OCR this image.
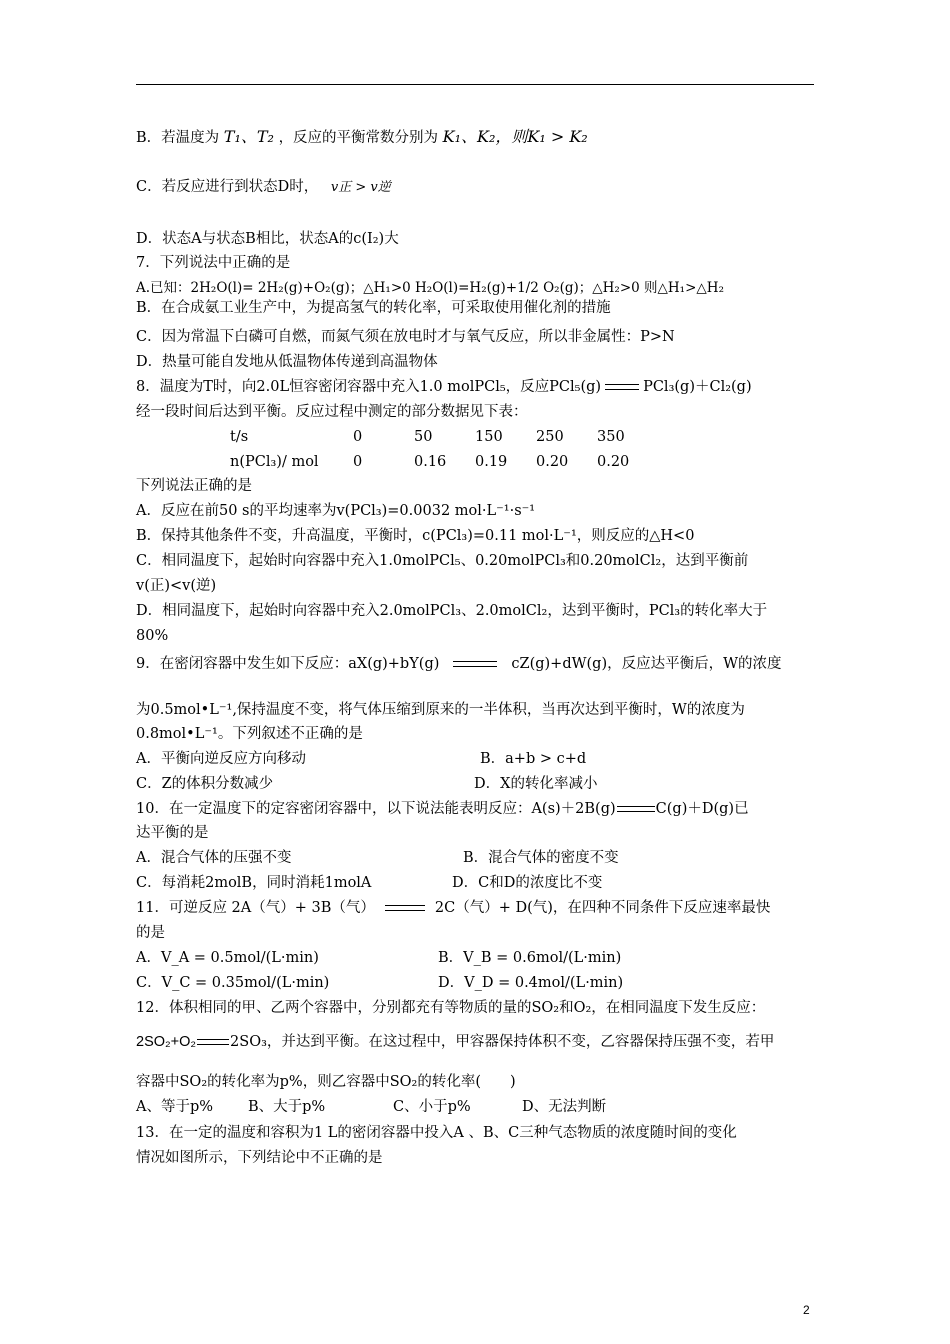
B．若温度为 T₁、T₂ ，反应的平衡常数分别为 K₁、K₂，则K₁ > K₂
C．若反应进行到状态D时， v正 > v逆
D．状态A与状态B相比，状态A的c(I₂)大
7．下列说法中正确的是
A.已知：2H₂O(l)= 2H₂(g)+O₂(g)；△H₁>0 H₂O(l)=H₂(g)+1/2 O₂(g)；△H₂>0 则△H₁>△H₂
B．在合成氨工业生产中，为提高氢气的转化率，可采取使用催化剂的措施
C．因为常温下白磷可自燃，而氮气须在放电时才与氧气反应，所以非金属性：P>N
D．热量可能自发地从低温物体传递到高温物体
8．温度为T时，向2.0L恒容密闭容器中充入1.0 molPCl₅，反应PCl₅(g)	PCl₃(g)＋Cl₂(g)
经一段时间后达到平衡。反应过程中测定的部分数据见下表：
t/s	0	50	150 250 350
n(PCl₃)/ mol 0	0.16 0.19 0.20 0.20
下列说法正确的是
A．反应在前50 s的平均速率为v(PCl₃)=0.0032 mol·L⁻¹·s⁻¹
B．保持其他条件不变，升高温度，平衡时，c(PCl₃)=0.11 mol·L⁻¹，则反应的△H<0
C．相同温度下，起始时向容器中充入1.0molPCl₅、0.20molPCl₃和0.20molCl₂，达到平衡前
v(正)<v(逆)
D．相同温度下，起始时向容器中充入2.0molPCl₃、2.0molCl₂，达到平衡时，PCl₃的转化率大于
80%
9．在密闭容器中发生如下反应：aX(g)+bY(g)	cZ(g)+dW(g)，反应达平衡后，W的浓度
为0.5mol•L⁻¹,保持温度不变，将气体压缩到原来的一半体积，当再次达到平衡时，W的浓度为
0.8mol•L⁻¹。下列叙述不正确的是
A．平衡向逆反应方向移动	B．a+b > c+d
C．Z的体积分数减少	D．X的转化率减小
10．在一定温度下的定容密闭容器中，以下说法能表明反应：A(s)＋2B(g)	C(g)＋D(g)已
达平衡的是
A．混合气体的压强不变	B．混合气体的密度不变
C．每消耗2molB，同时消耗1molA	D．C和D的浓度比不变
11．可逆反应 2A（气）+ 3B（气）	2C（气）+ D(气)，在四种不同条件下反应速率最快
的是
A．V_A = 0.5mol/(L·min)	B．V_B = 0.6mol/(L·min)
C．V_C = 0.35mol/(L·min)	D．V_D = 0.4mol/(L·min)
12．体积相同的甲、乙两个容器中，分别都充有等物质的量的SO₂和O₂，在相同温度下发生反应：
2SO₂+O₂ 2SO₃，并达到平衡。在这过程中，甲容器保持体积不变，乙容器保持压强不变，若甲
容器中SO₂的转化率为p%，则乙容器中SO₂的转化率(　　)
A、等于p% B、大于p%	C、小于p%	D、无法判断
13．在一定的温度和容积为1 L的密闭容器中投入A 、B、C三种气态物质的浓度随时间的变化
情况如图所示，下列结论中不正确的是
2
